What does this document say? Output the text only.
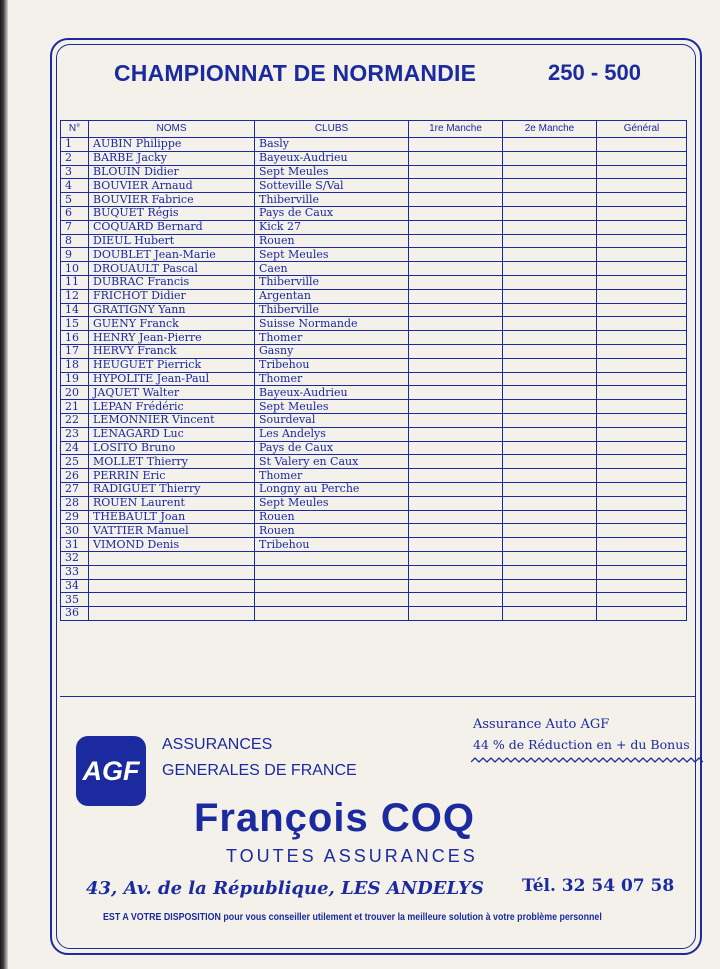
CHAMPIONNAT DE NORMANDIE	250 - 500
N°	NOMS	CLUBS	1re Manche	2e Manche	Général
1	AUBIN Philippe	Basly			
2	BARBE Jacky	Bayeux-Audrieu			
3	BLOUIN Didier	Sept Meules			
4	BOUVIER Arnaud	Sotteville S/Val			
5	BOUVIER Fabrice	Thiberville			
6	BUQUET Régis	Pays de Caux			
7	COQUARD Bernard	Kick 27			
8	DIEUL Hubert	Rouen			
9	DOUBLET Jean-Marie	Sept Meules			
10	DROUAULT Pascal	Caen			
11	DUBRAC Francis	Thiberville			
12	FRICHOT Didier	Argentan			
14	GRATIGNY Yann	Thiberville			
15	GUENY Franck	Suisse Normande			
16	HENRY Jean-Pierre	Thomer			
17	HERVY Franck	Gasny			
18	HEUGUET Pierrick	Tribehou			
19	HYPOLITE Jean-Paul	Thomer			
20	JAQUET Walter	Bayeux-Audrieu			
21	LEPAN Frédéric	Sept Meules			
22	LEMONNIER Vincent	Sourdeval			
23	LENAGARD Luc	Les Andelys			
24	LOSITO Bruno	Pays de Caux			
25	MOLLET Thierry	St Valery en Caux			
26	PERRIN Eric	Thomer			
27	RADIGUET Thierry	Longny au Perche			
28	ROUEN Laurent	Sept Meules			
29	THEBAULT Joan	Rouen			
30	VATTIER Manuel	Rouen			
31	VIMOND Denis	Tribehou			
32					
33					
34					
35					
36					
AGF
ASSURANCES
GENERALES DE FRANCE
Assurance Auto AGF
44 % de Réduction en + du Bonus
François COQ
TOUTES ASSURANCES
43, Av. de la République, LES ANDELYS Tél. 32 54 07 58
EST A VOTRE DISPOSITION pour vous conseiller utilement et trouver la meilleure solution à votre problème personnel
